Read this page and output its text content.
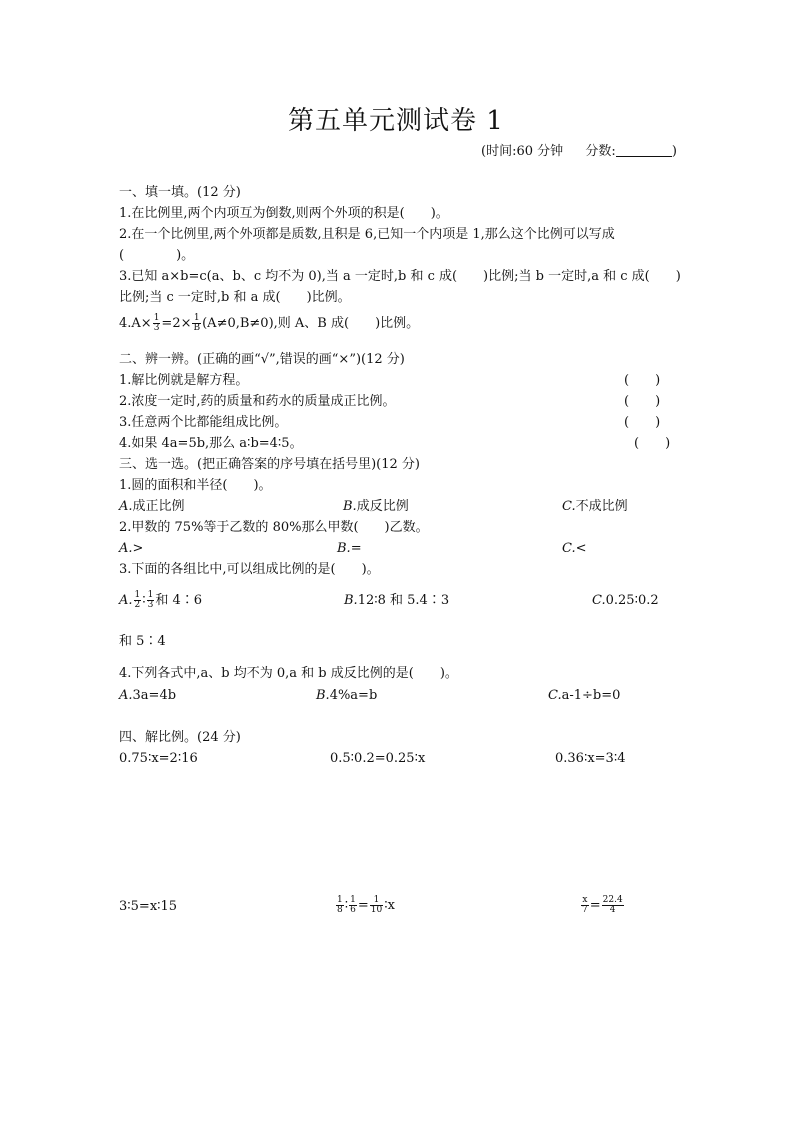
第五单元测试卷 1
(时间:60 分钟 分数:	)
一、填一填。(12 分)
1.在比例里,两个内项互为倒数,则两个外项的积是(　　)。
2.在一个比例里,两个外项都是质数,且积是 6,已知一个内项是 1,那么这个比例可以写成
(　　　　)。
3.已知 a×b=c(a、b、c 均不为 0),当 a 一定时,b 和 c 成(　　)比例;当 b 一定时,a 和 c 成(　　)
比例;当 c 一定时,b 和 a 成(　　)比例。
$4.A\times \frac{1}{3} =2\times \frac{1}{B} (A\ne 0,B\ne 0)$,则 A、B 成(　　)比例。
二、辨一辨。(正确的画“√”,错误的画“×”)(12 分)
1.解比例就是解方程。	(　　)
2.浓度一定时,药的质量和药水的质量成正比例。	(　　)
3.任意两个比都能组成比例。	(　　)
4.如果 4a=5b,那么 a∶b=4∶5。	(　　)
三、选一选。(把正确答案的序号填在括号里)(12 分)
1.圆的面积和半径(　　)。
A.成正比例	B.成反比例	C.不成比例
2.甲数的 75%等于乙数的 80%那么甲数(　　)乙数。
A.>	B.=	C.<
3.下面的各组比中,可以组成比例的是(　　)。
A. $\frac{1}{2}$ ∶ $\frac{1}{3}$ 和 4∶6	B.12∶8 和 5.4∶3	C.0.25∶0.2
和 5∶4
4.下列各式中,a、b 均不为 0,a 和 b 成反比例的是(　　)。
A.3a=4b	B.4%a=b	C.a-1÷b=0
四、解比例。(24 分)
0.75∶x=2∶16	0.5∶0.2=0.25∶x	0.36∶x=3∶4
3∶5=x∶15	$\frac{1}{8}$ ∶ $\frac{1}{6} = \frac{1}{10}$ ∶x	$\frac{x}{7} = \frac{22.4}{4}$
